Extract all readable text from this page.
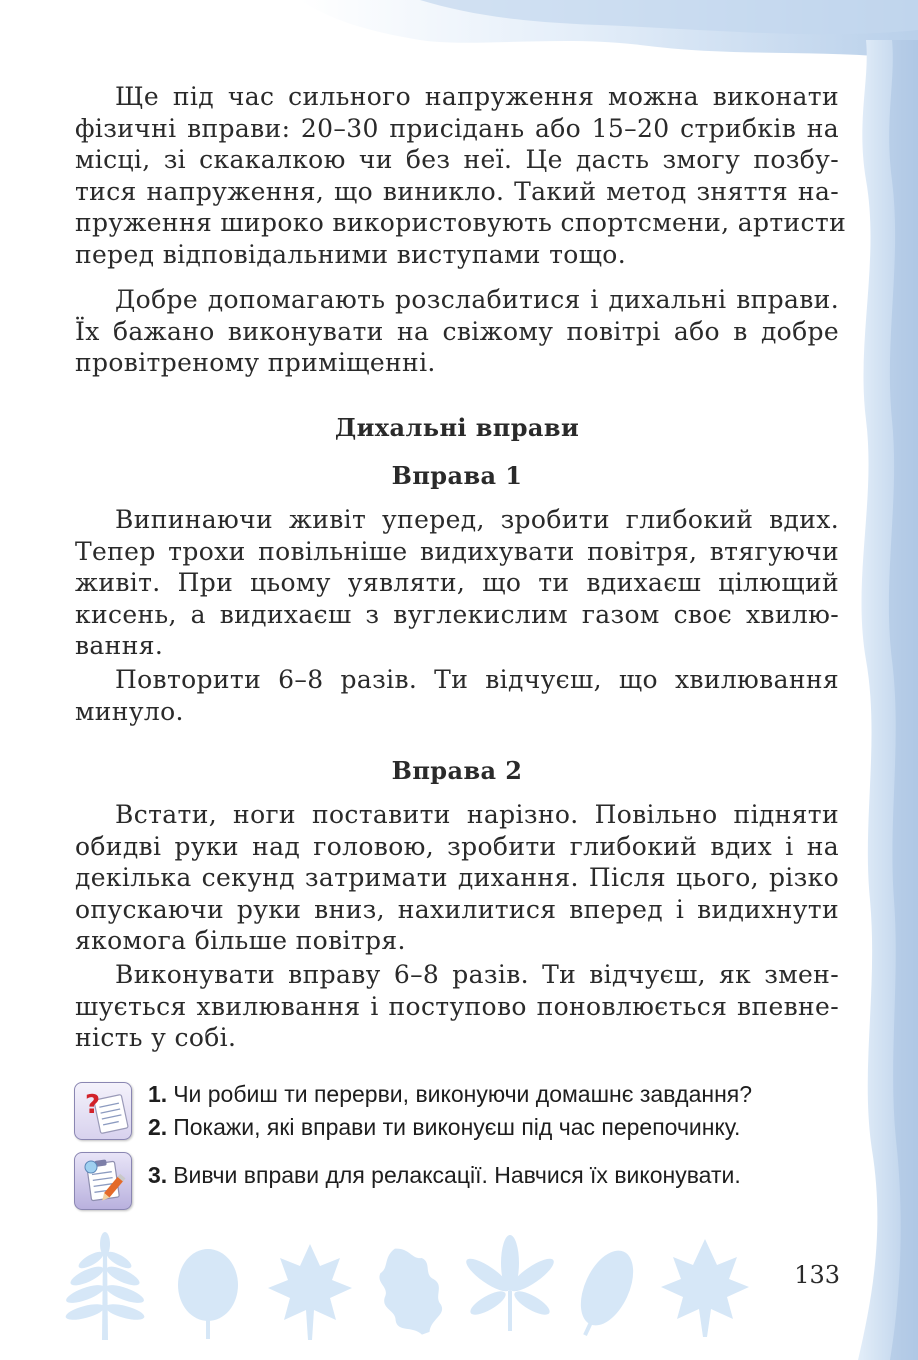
Ще під час сильного напруження можна виконати
фізичні вправи: 20–30 присідань або 15–20 стрибків на
місці, зі скакалкою чи без неї. Це дасть змогу позбу-
тися напруження, що виникло. Такий метод зняття на-
пруження широко використовують спортсмени, артисти
перед відповідальними виступами тощо.
Добре допомагають розслабитися і дихальні вправи.
Їх бажано виконувати на свіжому повітрі або в добре
провітреному приміщенні.
Дихальні вправи
Вправа 1
Випинаючи живіт уперед, зробити глибокий вдих.
Тепер трохи повільніше видихувати повітря, втягуючи
живіт. При цьому уявляти, що ти вдихаєш цілющий
кисень, а видихаєш з вуглекислим газом своє хвилю-
вання.
Повторити 6–8 разів. Ти відчуєш, що хвилювання
минуло.
Вправа 2
Встати, ноги поставити нарізно. Повільно підняти
обидві руки над головою, зробити глибокий вдих і на
декілька секунд затримати дихання. Після цього, різко
опускаючи руки вниз, нахилитися вперед і видихнути
якомога більше повітря.
Виконувати вправу 6–8 разів. Ти відчуєш, як змен-
шується хвилювання і поступово поновлюється впевне-
ність у собі.
? 1. Чи робиш ти перерви, виконуючи домашнє завдання?
2. Покажи, які вправи ти виконуєш під час перепочинку.
3. Вивчи вправи для релаксації. Навчися їх виконувати.
133
